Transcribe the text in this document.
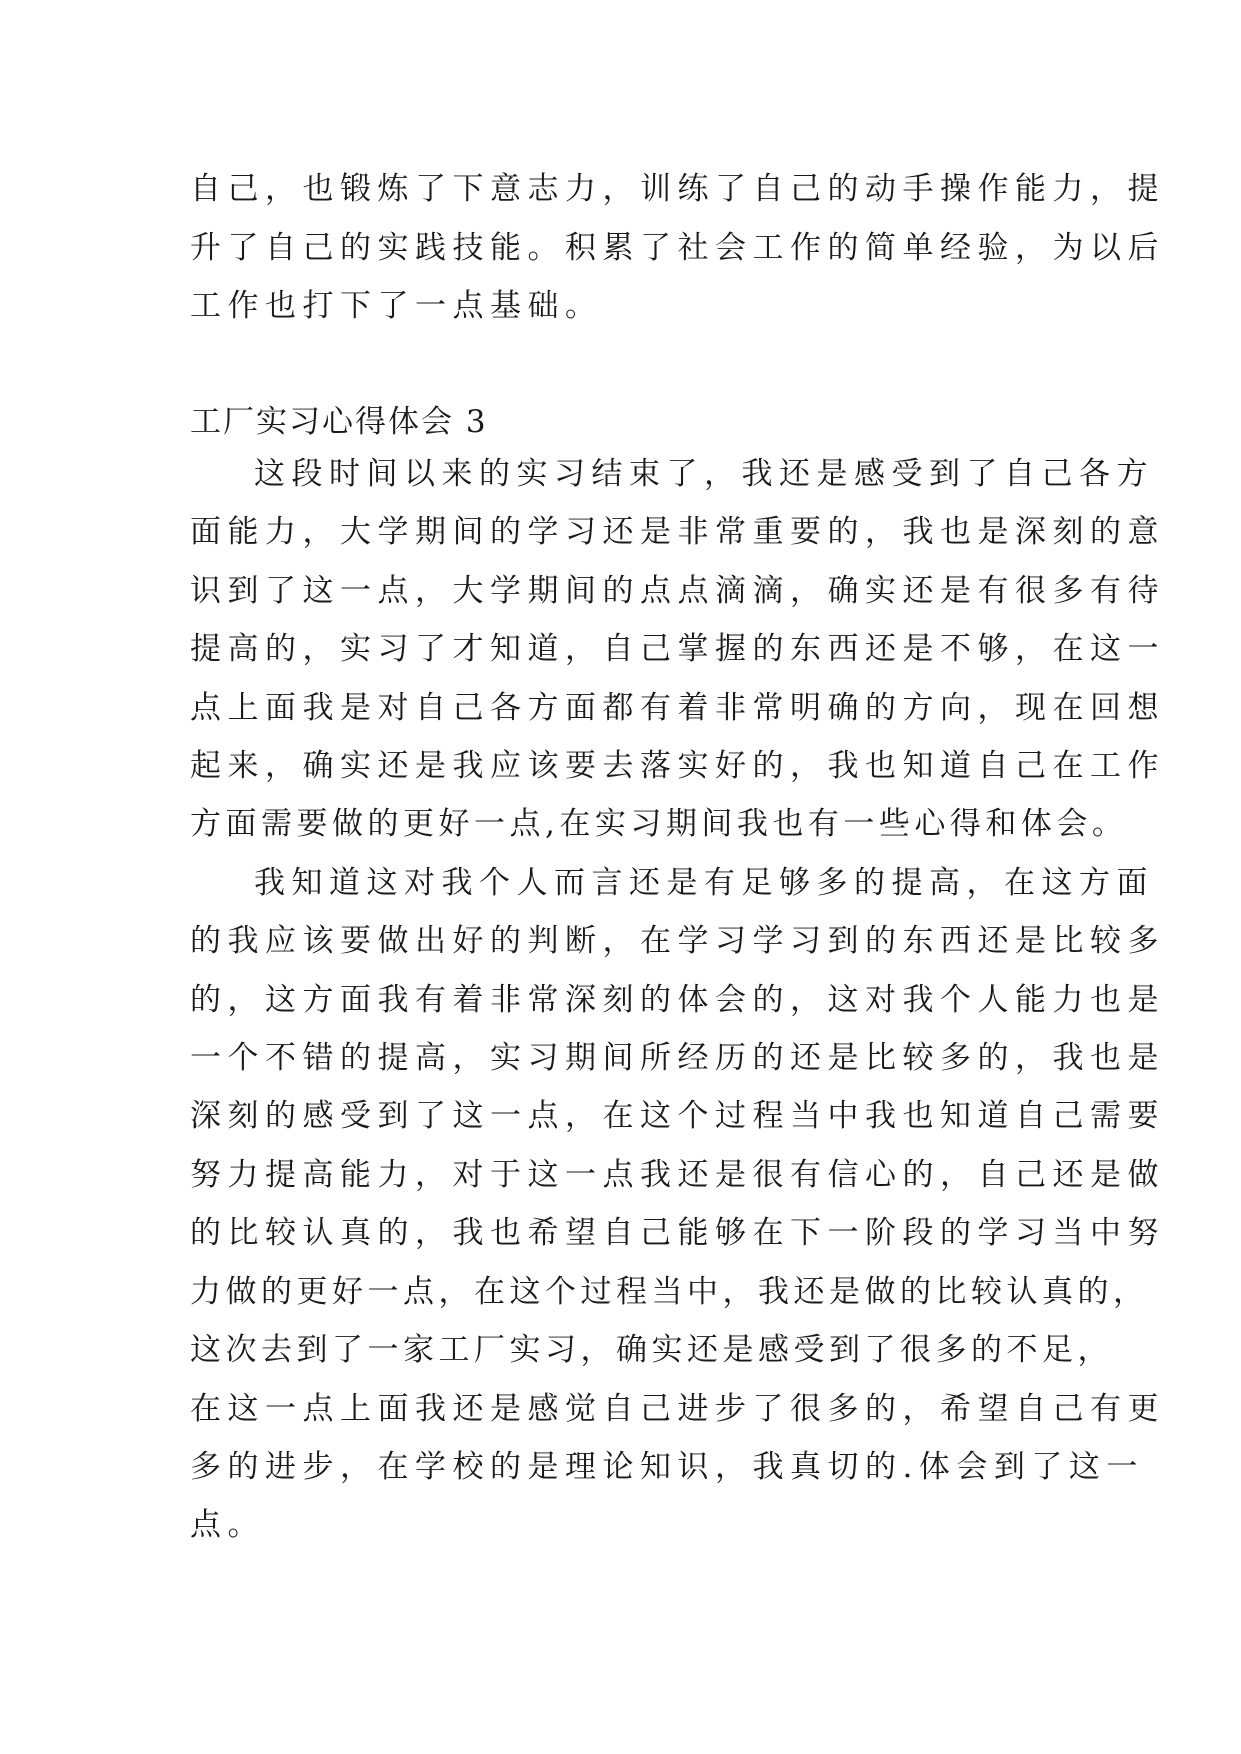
自己，也锻炼了下意志力，训练了自己的动手操作能力，提
升了自己的实践技能。积累了社会工作的简单经验，为以后
工作也打下了一点基础。
工厂实习心得体会 3
这段时间以来的实习结束了，我还是感受到了自己各方
面能力，大学期间的学习还是非常重要的，我也是深刻的意
识到了这一点，大学期间的点点滴滴，确实还是有很多有待
提高的，实习了才知道，自己掌握的东西还是不够，在这一
点上面我是对自己各方面都有着非常明确的方向，现在回想
起来，确实还是我应该要去落实好的，我也知道自己在工作
方面需要做的更好一点,在实习期间我也有一些心得和体会。
我知道这对我个人而言还是有足够多的提高，在这方面
的我应该要做出好的判断，在学习学习到的东西还是比较多
的，这方面我有着非常深刻的体会的，这对我个人能力也是
一个不错的提高，实习期间所经历的还是比较多的，我也是
深刻的感受到了这一点，在这个过程当中我也知道自己需要
努力提高能力，对于这一点我还是很有信心的，自己还是做
的比较认真的，我也希望自己能够在下一阶段的学习当中努
力做的更好一点，在这个过程当中，我还是做的比较认真的，
这次去到了一家工厂实习，确实还是感受到了很多的不足，
在这一点上面我还是感觉自己进步了很多的，希望自己有更
多的进步，在学校的是理论知识，我真切的.体会到了这一
点。
